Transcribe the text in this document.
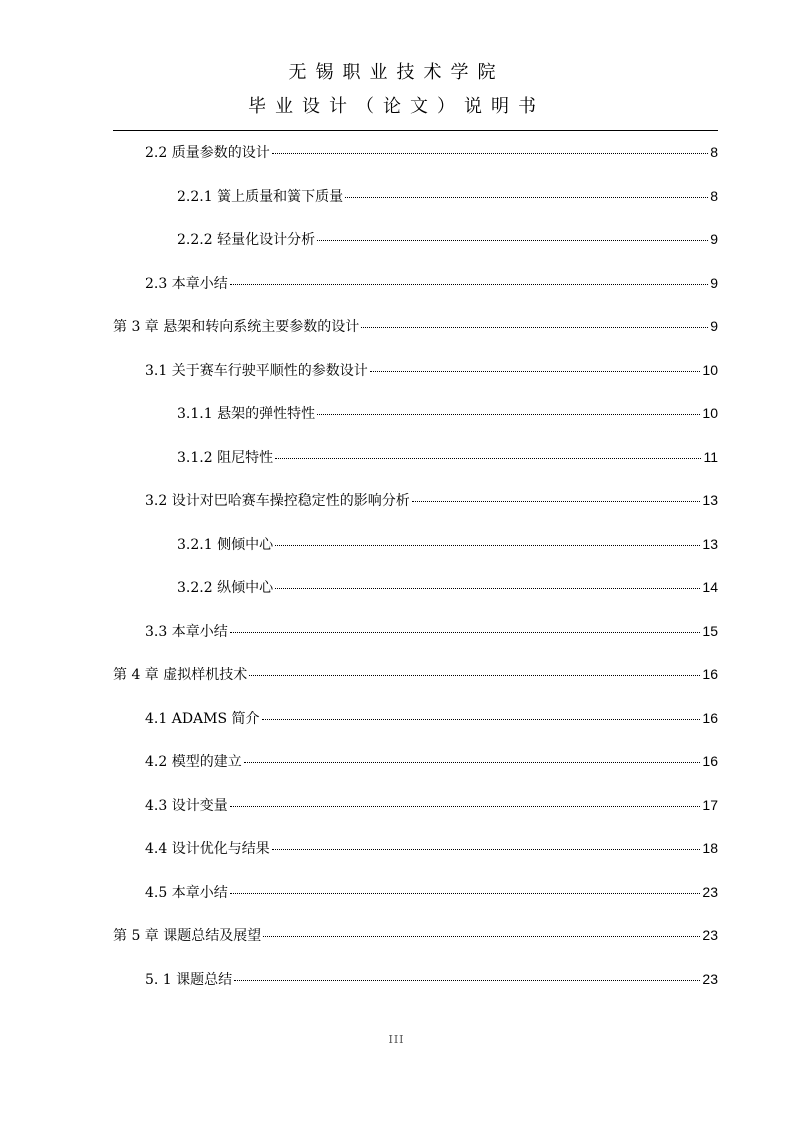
无锡职业技术学院
毕业设计（论文）说明书
2.2 质量参数的设计	8
2.2.1 簧上质量和簧下质量	8
2.2.2 轻量化设计分析	9
2.3 本章小结	9
第 3 章 悬架和转向系统主要参数的设计	9
3.1 关于赛车行驶平顺性的参数设计	10
3.1.1 悬架的弹性特性	10
3.1.2 阻尼特性	11
3.2 设计对巴哈赛车操控稳定性的影响分析	13
3.2.1 侧倾中心	13
3.2.2 纵倾中心	14
3.3 本章小结	15
第 4 章 虚拟样机技术	16
4.1 ADAMS 简介	16
4.2 模型的建立	16
4.3 设计变量	17
4.4 设计优化与结果	18
4.5 本章小结	23
第 5 章 课题总结及展望	23
5. 1 课题总结	23
III
